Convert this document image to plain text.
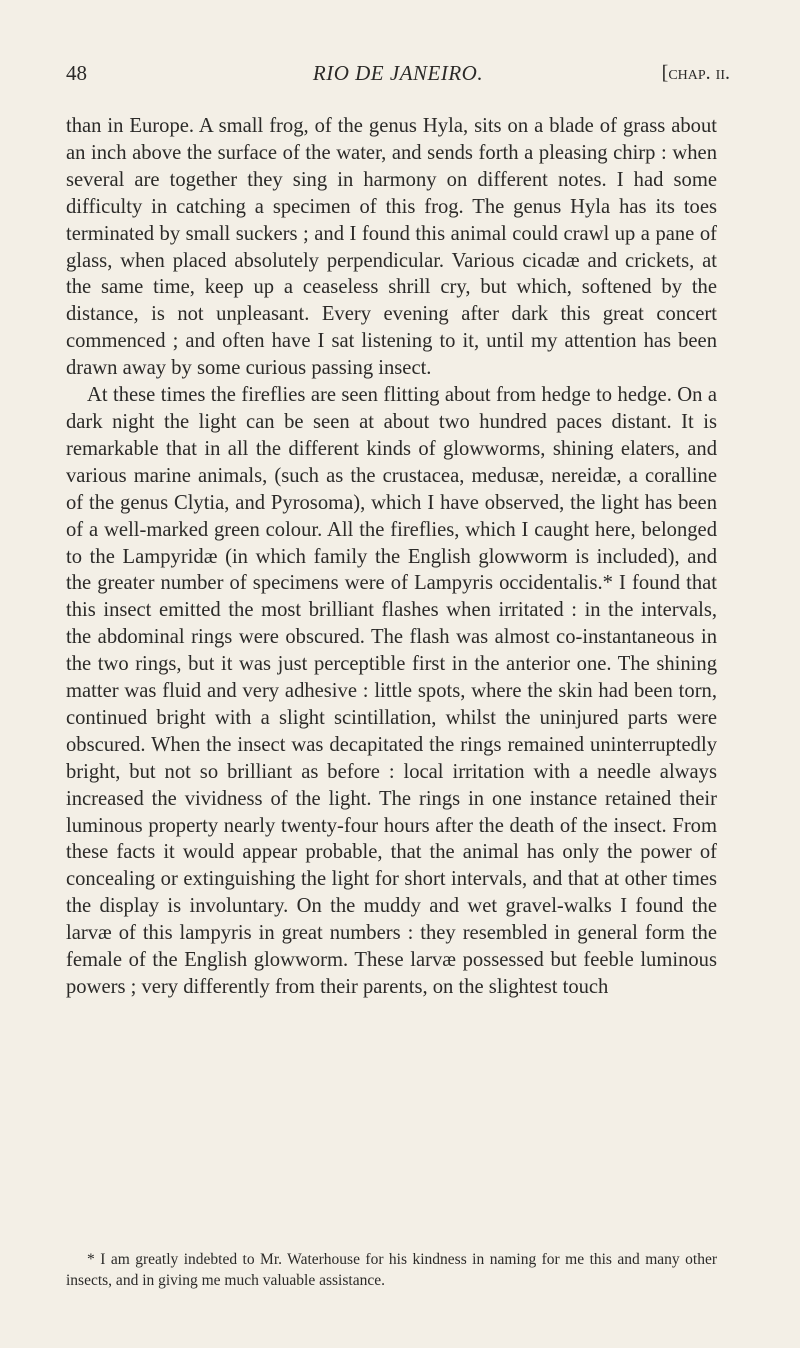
48	RIO DE JANEIRO.	[chap. ii.

than in Europe. A small frog, of the genus Hyla, sits on a blade of grass about an inch above the surface of the water, and sends forth a pleasing chirp : when several are together they sing in harmony on different notes. I had some difficulty in catching a specimen of this frog. The genus Hyla has its toes terminated by small suckers ; and I found this animal could crawl up a pane of glass, when placed absolutely perpendicular. Various cicadæ and crickets, at the same time, keep up a ceaseless shrill cry, but which, softened by the distance, is not unpleasant. Every evening after dark this great concert commenced ; and often have I sat listening to it, until my attention has been drawn away by some curious passing insect.

At these times the fireflies are seen flitting about from hedge to hedge. On a dark night the light can be seen at about two hundred paces distant. It is remarkable that in all the different kinds of glowworms, shining elaters, and various marine animals, (such as the crustacea, medusæ, nereidæ, a coralline of the genus Clytia, and Pyrosoma), which I have observed, the light has been of a well-marked green colour. All the fireflies, which I caught here, belonged to the Lampyridæ (in which family the English glowworm is included), and the greater number of specimens were of Lampyris occidentalis.* I found that this insect emitted the most brilliant flashes when irritated : in the intervals, the abdominal rings were obscured. The flash was almost co-instantaneous in the two rings, but it was just perceptible first in the anterior one. The shining matter was fluid and very adhesive : little spots, where the skin had been torn, continued bright with a slight scintillation, whilst the uninjured parts were obscured. When the insect was decapitated the rings remained uninterruptedly bright, but not so brilliant as before : local irritation with a needle always increased the vividness of the light. The rings in one instance retained their luminous property nearly twenty-four hours after the death of the insect. From these facts it would appear probable, that the animal has only the power of concealing or extinguishing the light for short intervals, and that at other times the display is involuntary. On the muddy and wet gravel-walks I found the larvæ of this lampyris in great numbers : they resembled in general form the female of the English glowworm. These larvæ possessed but feeble luminous powers ; very differently from their parents, on the slightest touch

* I am greatly indebted to Mr. Waterhouse for his kindness in naming for me this and many other insects, and in giving me much valuable assistance.
